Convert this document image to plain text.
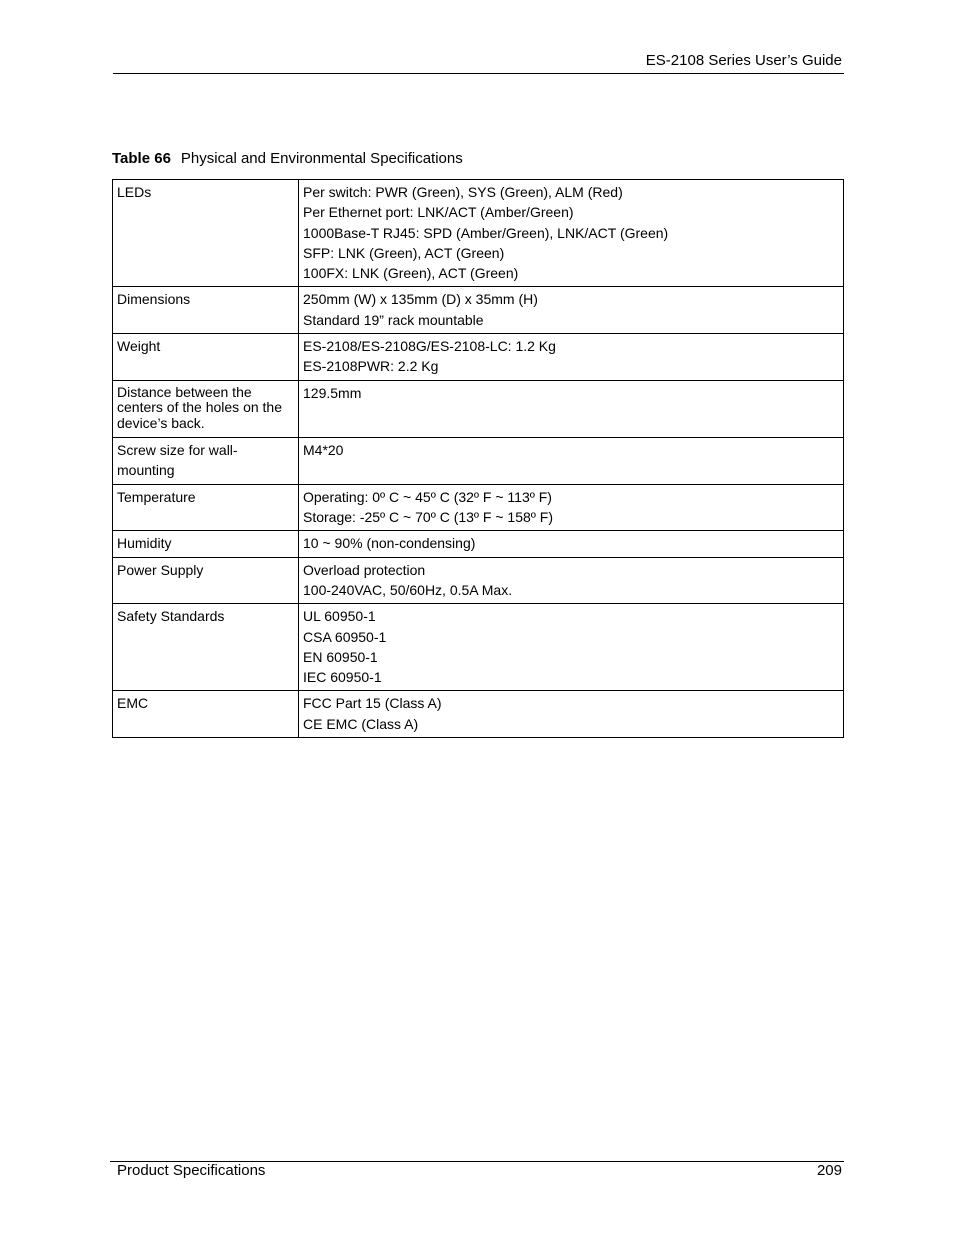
ES-2108 Series User’s Guide
Table 66 Physical and Environmental Specifications
LEDs	Per switch: PWR (Green), SYS (Green), ALM (Red)
Per Ethernet port: LNK/ACT (Amber/Green)
1000Base-T RJ45: SPD (Amber/Green), LNK/ACT (Green)
SFP: LNK (Green), ACT (Green)
100FX: LNK (Green), ACT (Green)

Dimensions	250mm (W) x 135mm (D) x 35mm (H)
Standard 19” rack mountable

Weight	ES-2108/ES-2108G/ES-2108-LC: 1.2 Kg
ES-2108PWR: 2.2 Kg

Distance between the centers of the holes on the device’s back.	129.5mm

Screw size for wall-mounting	M4*20

Temperature	Operating: 0º C ~ 45º C (32º F ~ 113º F)
Storage: -25º C ~ 70º C (13º F ~ 158º F)

Humidity	10 ~ 90% (non-condensing)

Power Supply	Overload protection
100-240VAC, 50/60Hz, 0.5A Max.

Safety Standards	UL 60950-1
CSA 60950-1
EN 60950-1
IEC 60950-1

EMC	FCC Part 15 (Class A)
CE EMC (Class A)
Product Specifications	209
